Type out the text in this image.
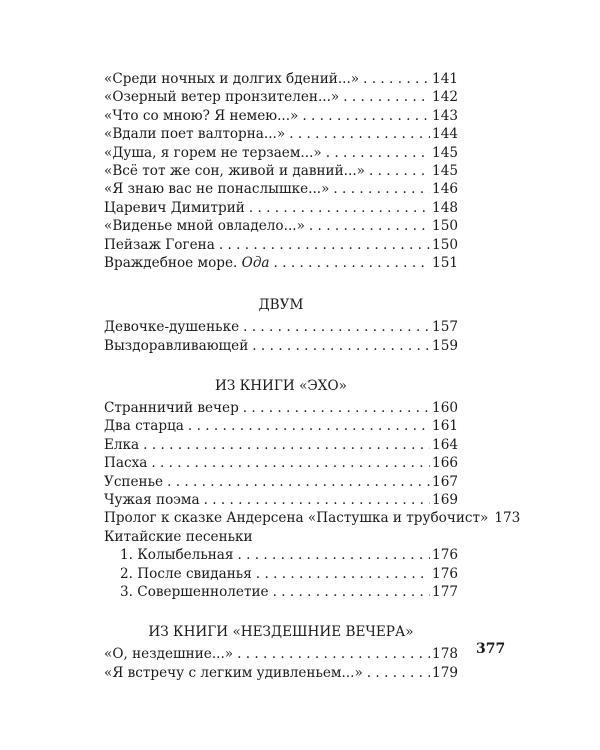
«Среди ночных и долгих бдений...» . . .	141
«Озерный ветер пронзителен...» . . .	142
«Что со мною? Я немею...» . . .	143
«Вдали поет валторна...» . . .	144
«Душа, я горем не терзаем...» . . .	145
«Всё тот же сон, живой и давний...» . . .	145
«Я знаю вас не понаслышке...» . . .	146
Царевич Димитрий . . .	148
«Виденье мной овладело...» . . .	150
Пейзаж Гогена . . .	150
Враждебное море. Ода . . .	151
ДВУМ
Девочке-душеньке . . .	157
Выздоравливающей . . .	159
ИЗ КНИГИ «ЭХО»
Странничий вечер . . .	160
Два старца . . .	161
Елка . . .	164
Пасха . . .	166
Успенье . . .	167
Чужая поэма . . .	169
Пролог к сказке Андерсена «Пастушка и трубочист» 173
Китайские песеньки
1. Колыбельная . . .	176
2. После свиданья . . .	176
3. Совершеннолетие . . .	177
ИЗ КНИГИ «НЕЗДЕШНИЕ ВЕЧЕРА»
«О, нездешние...» . . .	178
«Я встречу с легким удивленьем...» . . .	179
377
